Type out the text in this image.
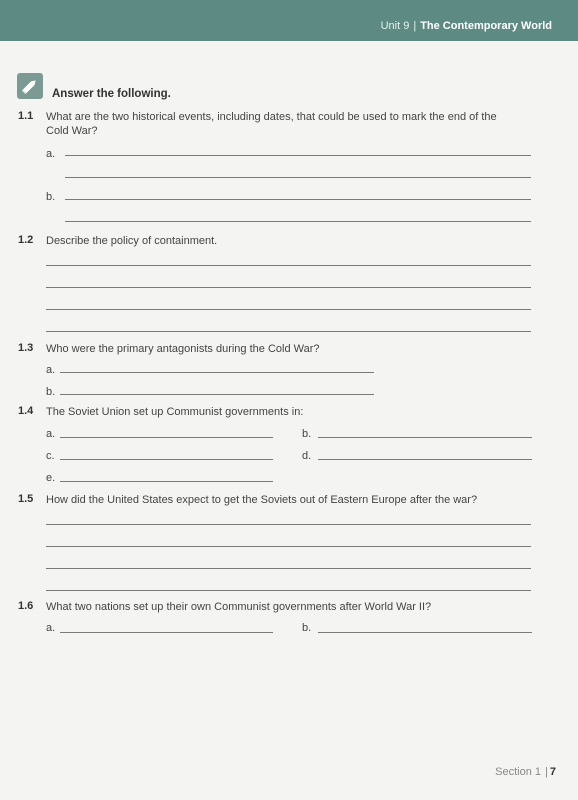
Unit 9 | The Contemporary World
Answer the following.
1.1 What are the two historical events, including dates, that could be used to mark the end of the Cold War?
a.
b.
1.2 Describe the policy of containment.
1.3 Who were the primary antagonists during the Cold War?
a.
b.
1.4 The Soviet Union set up Communist governments in:
a.	b.
c.	d.
e.
1.5 How did the United States expect to get the Soviets out of Eastern Europe after the war?
1.6 What two nations set up their own Communist governments after World War II?
a.	b.
Section 1 | 7
